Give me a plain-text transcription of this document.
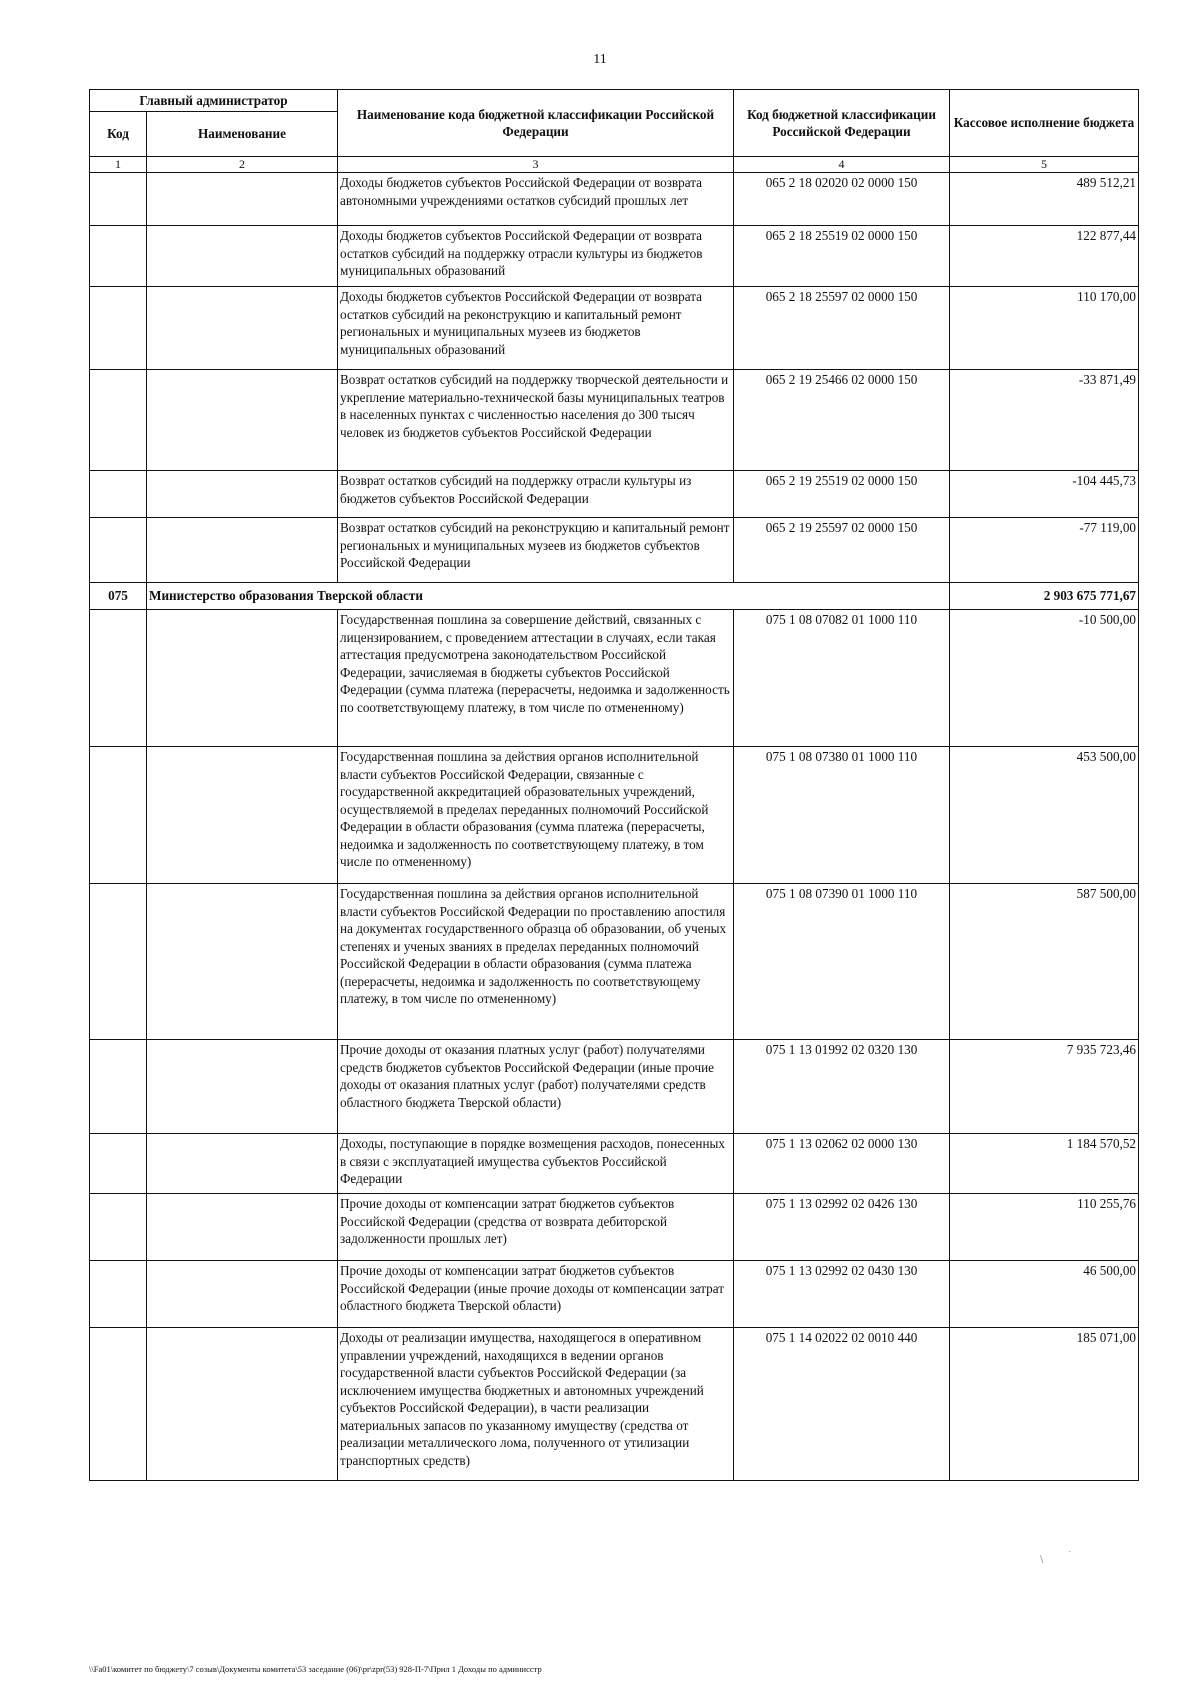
11
Главный администратор		Наименование кода бюджетной классификации Российской Федерации	Код бюджетной классификации Российской Федерации	Кассовое исполнение бюджета
Код	Наименование			
1	2	3	4	5
		Доходы бюджетов субъектов Российской Федерации от возврата автономными учреждениями остатков субсидий прошлых лет	065 2 18 02020 02 0000 150	489 512,21
		Доходы бюджетов субъектов Российской Федерации от возврата остатков субсидий на поддержку отрасли культуры из бюджетов муниципальных образований	065 2 18 25519 02 0000 150	122 877,44
		Доходы бюджетов субъектов Российской Федерации от возврата остатков субсидий на реконструкцию и капитальный ремонт региональных и муниципальных музеев из бюджетов муниципальных образований	065 2 18 25597 02 0000 150	110 170,00
		Возврат остатков субсидий на поддержку творческой деятельности и укрепление материально-технической базы муниципальных театров в населенных пунктах с численностью населения до 300 тысяч человек из бюджетов субъектов Российской Федерации	065 2 19 25466 02 0000 150	-33 871,49
		Возврат остатков субсидий на поддержку отрасли культуры из бюджетов субъектов Российской Федерации	065 2 19 25519 02 0000 150	-104 445,73
		Возврат остатков субсидий на реконструкцию и капитальный ремонт региональных и муниципальных музеев из бюджетов субъектов Российской Федерации	065 2 19 25597 02 0000 150	-77 119,00
075	Министерство образования Тверской области			2 903 675 771,67
		Государственная пошлина за совершение действий, связанных с лицензированием, с проведением аттестации в случаях, если такая аттестация предусмотрена законодательством Российской Федерации, зачисляемая в бюджеты субъектов Российской Федерации (сумма платежа (перерасчеты, недоимка и задолженность по соответствующему платежу, в том числе по отмененному)	075 1 08 07082 01 1000 110	-10 500,00
		Государственная пошлина за действия органов исполнительной власти субъектов Российской Федерации, связанные с государственной аккредитацией образовательных учреждений, осуществляемой в пределах переданных полномочий Российской Федерации в области образования (сумма платежа (перерасчеты, недоимка и задолженность по соответствующему платежу, в том числе по отмененному)	075 1 08 07380 01 1000 110	453 500,00
		Государственная пошлина за действия органов исполнительной власти субъектов Российской Федерации по проставлению апостиля на документах государственного образца об образовании, об ученых степенях и ученых званиях в пределах переданных полномочий Российской Федерации в области образования (сумма платежа (перерасчеты, недоимка и задолженность по соответствующему платежу, в том числе по отмененному)	075 1 08 07390 01 1000 110	587 500,00
		Прочие доходы от оказания платных услуг (работ) получателями средств бюджетов субъектов Российской Федерации (иные прочие доходы от оказания платных услуг (работ) получателями средств областного бюджета Тверской области)	075 1 13 01992 02 0320 130	7 935 723,46
		Доходы, поступающие в порядке возмещения расходов, понесенных в связи с эксплуатацией имущества субъектов Российской Федерации	075 1 13 02062 02 0000 130	1 184 570,52
		Прочие доходы от компенсации затрат бюджетов субъектов Российской Федерации (средства от возврата дебиторской задолженности прошлых лет)	075 1 13 02992 02 0426 130	110 255,76
		Прочие доходы от компенсации затрат бюджетов субъектов Российской Федерации (иные прочие доходы от компенсации затрат областного бюджета Тверской области)	075 1 13 02992 02 0430 130	46 500,00
		Доходы от реализации имущества, находящегося в оперативном управлении учреждений, находящихся в ведении органов государственной власти субъектов Российской Федерации (за исключением имущества бюджетных и автономных учреждений субъектов Российской Федерации), в части реализации материальных запасов по указанному имуществу (средства от реализации металлического лома, полученного от утилизации транспортных средств)	075 1 14 02022 02 0010 440	185 071,00
∖ ˙
\\Fa01\комитет по бюджету\7 созыв\Документы комитета\53 заседание (06)\pr\zpr(53) 928-П-7\Прил 1 Доходы по админисстр
